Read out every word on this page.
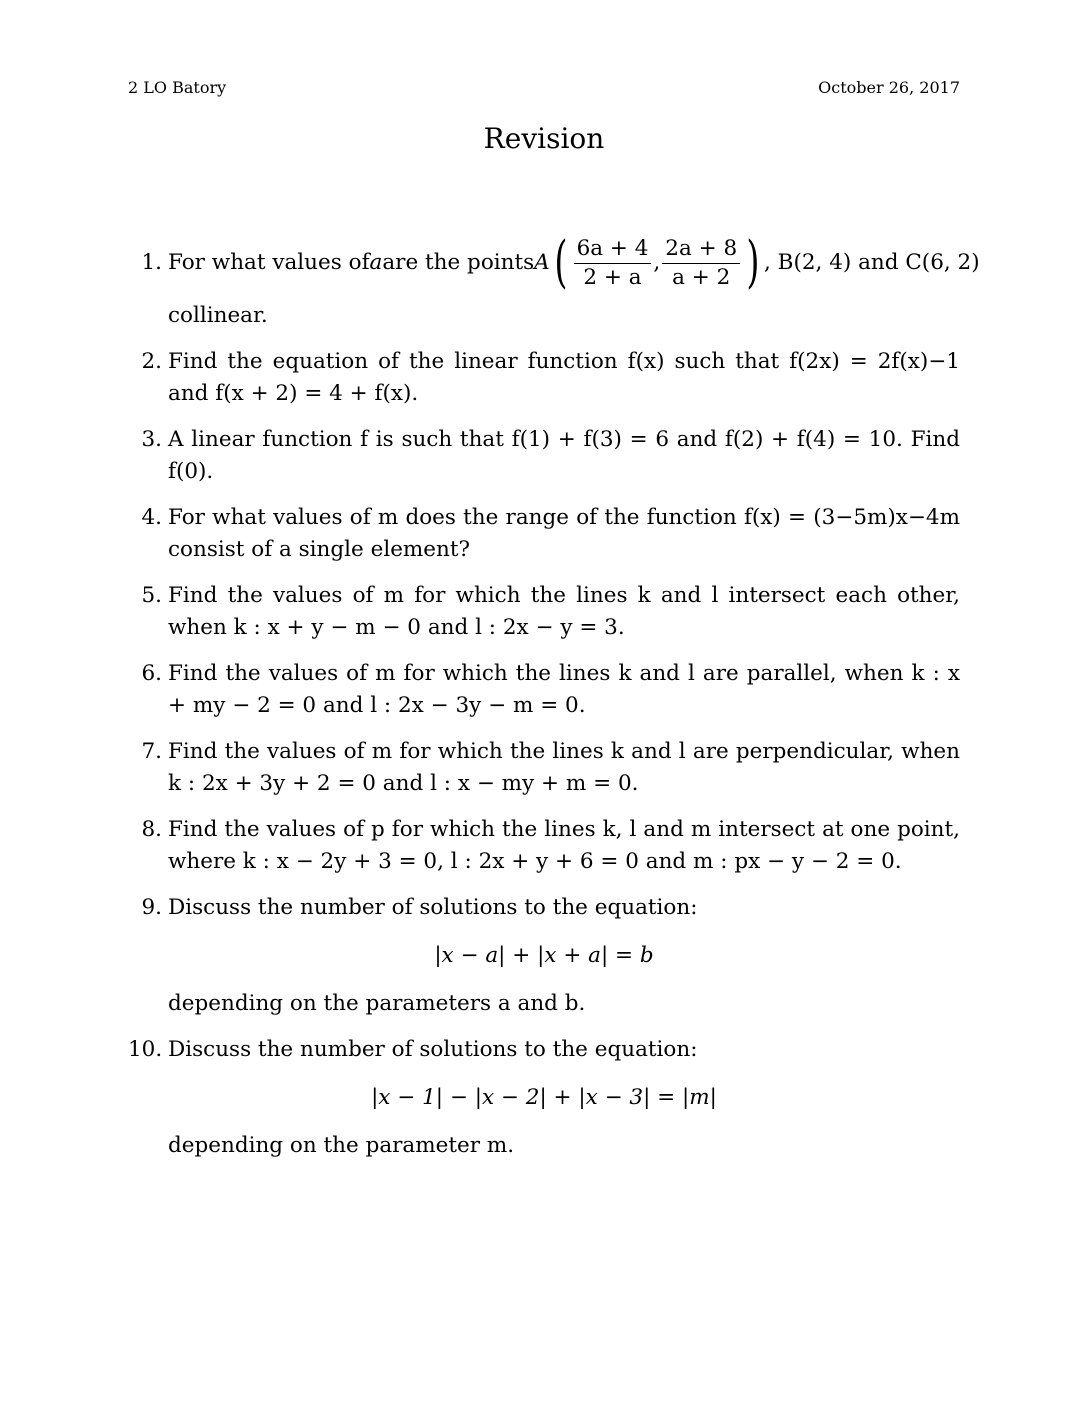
2 LO Batory	October 26, 2017
Revision
1. For what values of a are the points A ( $\frac{6a + 4}{2 + a}$ , $\frac{2a + 8}{a + 2}$ ) , B(2, 4) and C(6, 2)
collinear.
2. Find the equation of the linear function f(x) such that f(2x) = 2f(x)−1 and f(x + 2) = 4 + f(x).
3. A linear function f is such that f(1) + f(3) = 6 and f(2) + f(4) = 10. Find f(0).
4. For what values of m does the range of the function f(x) = (3−5m)x−4m consist of a single element?
5. Find the values of m for which the lines k and l intersect each other, when k : x + y − m − 0 and l : 2x − y = 3.
6. Find the values of m for which the lines k and l are parallel, when k : x + my − 2 = 0 and l : 2x − 3y − m = 0.
7. Find the values of m for which the lines k and l are perpendicular, when k : 2x + 3y + 2 = 0 and l : x − my + m = 0.
8. Find the values of p for which the lines k, l and m intersect at one point, where k : x − 2y + 3 = 0, l : 2x + y + 6 = 0 and m : px − y − 2 = 0.
9. Discuss the number of solutions to the equation:
|x − a| + |x + a| = b
depending on the parameters a and b.
10. Discuss the number of solutions to the equation:
|x − 1| − |x − 2| + |x − 3| = |m|
depending on the parameter m.
